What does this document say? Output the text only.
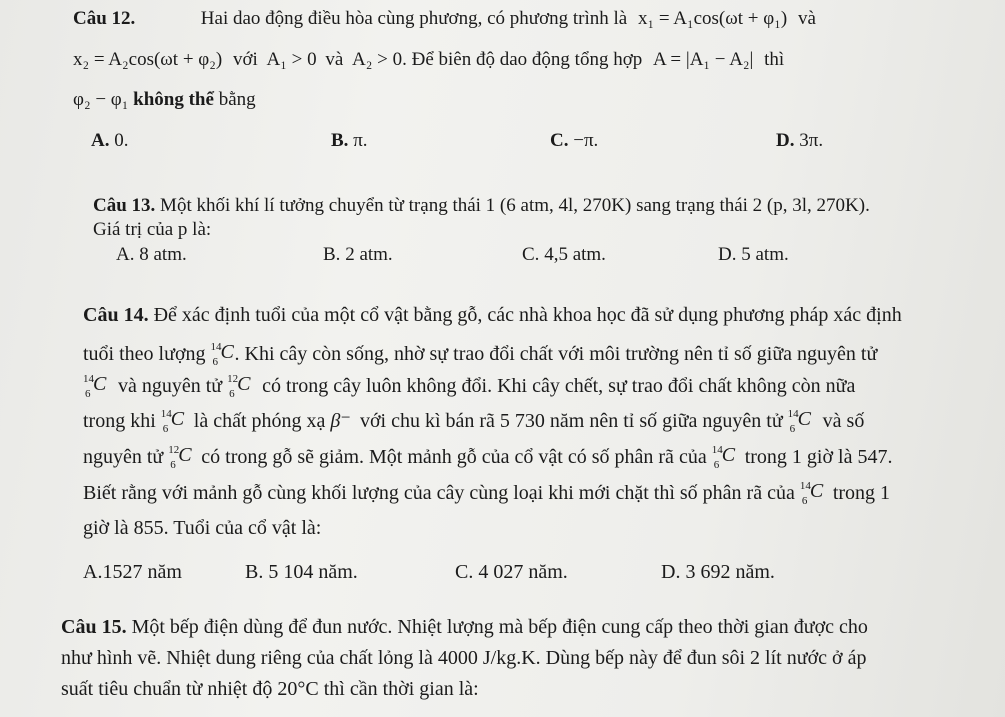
Câu 12.	Hai dao động điều hòa cùng phương, có phương trình là x₁ = A₁cos(ωt + φ₁) và
x₂ = A₂cos(ωt + φ₂) với A₁ > 0 và A₂ > 0. Để biên độ dao động tổng hợp A = |A₁ − A₂| thì
φ₂ − φ₁ không thể bằng
A. 0.	B. π.	C. −π.	D. 3π.
Câu 13. Một khối khí lí tưởng chuyển từ trạng thái 1 (6 atm, 4l, 270K) sang trạng thái 2 (p, 3l, 270K).
Giá trị của p là:
A. 8 atm.	B. 2 atm.	C. 4,5 atm.	D. 5 atm.
Câu 14. Để xác định tuổi của một cổ vật bằng gỗ, các nhà khoa học đã sử dụng phương pháp xác định
tuổi theo lượng 14
6 C . Khi cây còn sống, nhờ sự trao đổi chất với môi trường nên tỉ số giữa nguyên tử
14
6 C và nguyên tử 12
6 C có trong cây luôn không đổi. Khi cây chết, sự trao đổi chất không còn nữa
trong khi 14
6 C là chất phóng xạ β⁻ với chu kì bán rã 5 730 năm nên tỉ số giữa nguyên tử 14
6 C và số
nguyên tử 12
6 C có trong gỗ sẽ giảm. Một mảnh gỗ của cổ vật có số phân rã của 14
6 C trong 1 giờ là 547.
Biết rằng với mảnh gỗ cùng khối lượng của cây cùng loại khi mới chặt thì số phân rã của 14
6 C trong 1
giờ là 855. Tuổi của cổ vật là:
A.1527 năm	B. 5 104 năm.	C. 4 027 năm.	D. 3 692 năm.
Câu 15. Một bếp điện dùng để đun nước. Nhiệt lượng mà bếp điện cung cấp theo thời gian được cho
như hình vẽ. Nhiệt dung riêng của chất lỏng là 4000 J/kg.K. Dùng bếp này để đun sôi 2 lít nước ở áp
suất tiêu chuẩn từ nhiệt độ 20°C thì cần thời gian là:
